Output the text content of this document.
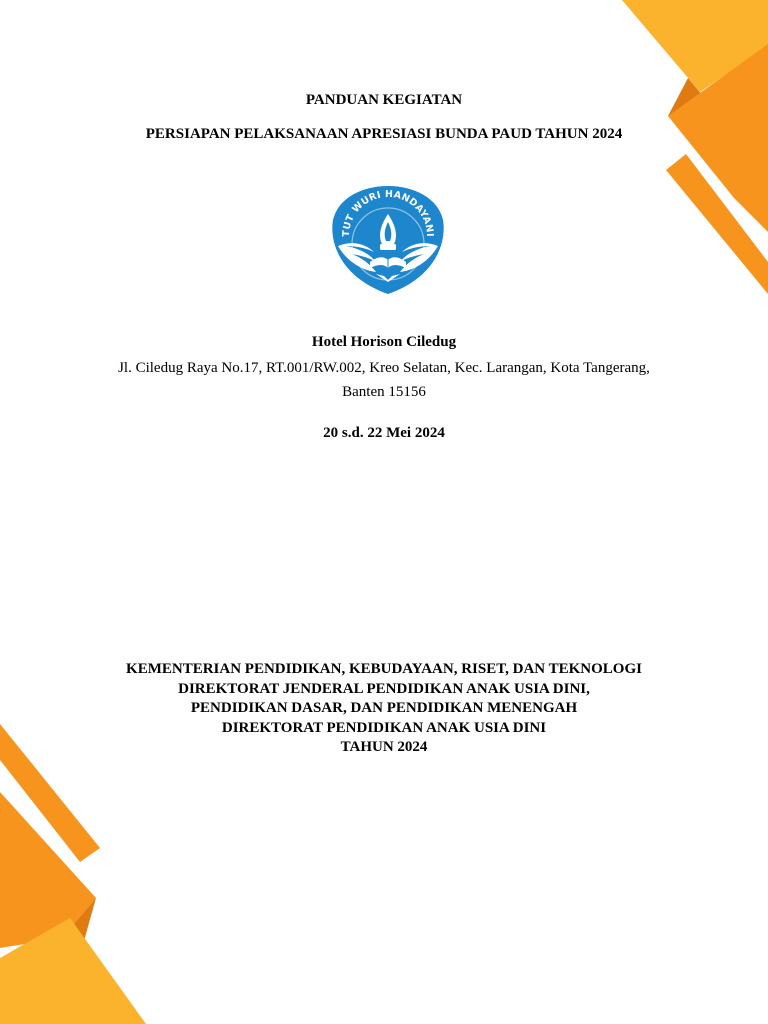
PANDUAN KEGIATAN

PERSIAPAN PELAKSANAAN APRESIASI BUNDA PAUD TAHUN 2024

TUT WURI HANDAYANI

Hotel Horison Ciledug

Jl. Ciledug Raya No.17, RT.001/RW.002, Kreo Selatan, Kec. Larangan, Kota Tangerang,

Banten 15156

20 s.d. 22 Mei 2024

KEMENTERIAN PENDIDIKAN, KEBUDAYAAN, RISET, DAN TEKNOLOGI
DIREKTORAT JENDERAL PENDIDIKAN ANAK USIA DINI,
PENDIDIKAN DASAR, DAN PENDIDIKAN MENENGAH
DIREKTORAT PENDIDIKAN ANAK USIA DINI
TAHUN 2024
